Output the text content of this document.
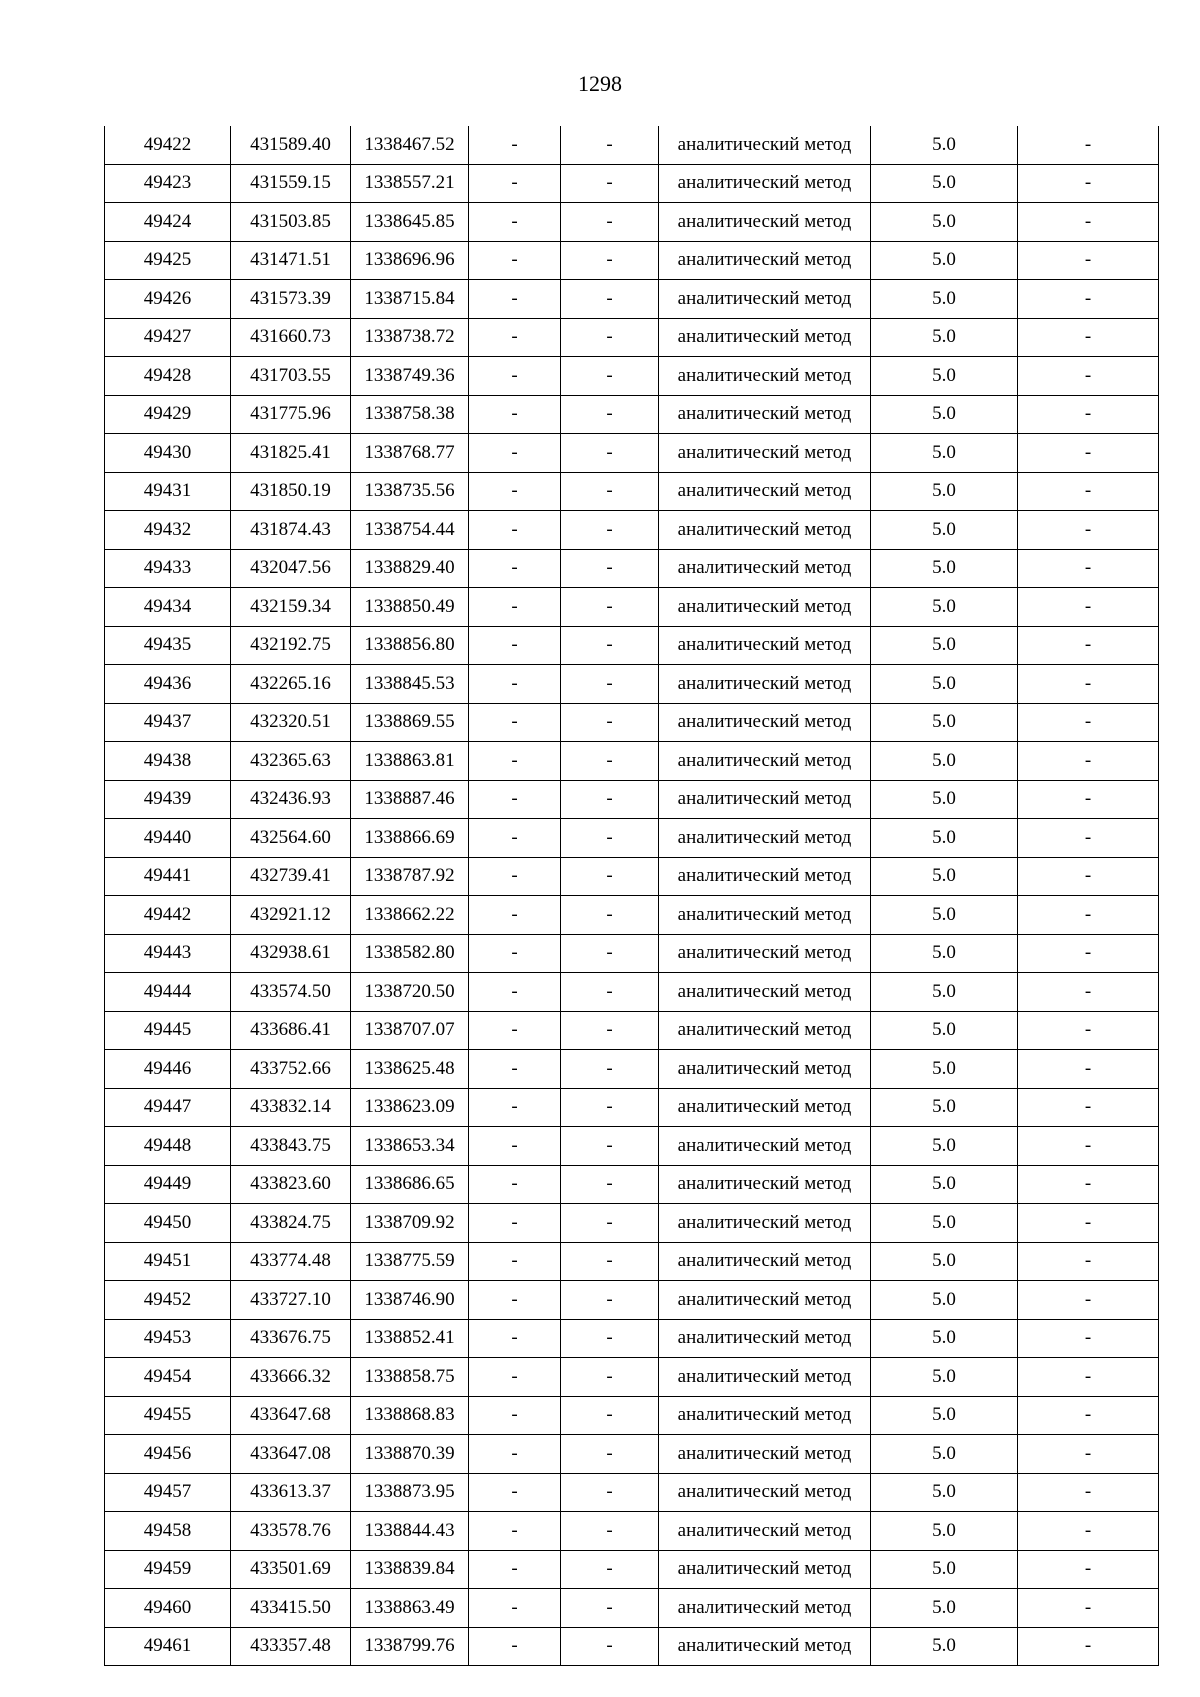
1298
49422	431589.40	1338467.52	-	-	аналитический метод	5.0	-
49423	431559.15	1338557.21	-	-	аналитический метод	5.0	-
49424	431503.85	1338645.85	-	-	аналитический метод	5.0	-
49425	431471.51	1338696.96	-	-	аналитический метод	5.0	-
49426	431573.39	1338715.84	-	-	аналитический метод	5.0	-
49427	431660.73	1338738.72	-	-	аналитический метод	5.0	-
49428	431703.55	1338749.36	-	-	аналитический метод	5.0	-
49429	431775.96	1338758.38	-	-	аналитический метод	5.0	-
49430	431825.41	1338768.77	-	-	аналитический метод	5.0	-
49431	431850.19	1338735.56	-	-	аналитический метод	5.0	-
49432	431874.43	1338754.44	-	-	аналитический метод	5.0	-
49433	432047.56	1338829.40	-	-	аналитический метод	5.0	-
49434	432159.34	1338850.49	-	-	аналитический метод	5.0	-
49435	432192.75	1338856.80	-	-	аналитический метод	5.0	-
49436	432265.16	1338845.53	-	-	аналитический метод	5.0	-
49437	432320.51	1338869.55	-	-	аналитический метод	5.0	-
49438	432365.63	1338863.81	-	-	аналитический метод	5.0	-
49439	432436.93	1338887.46	-	-	аналитический метод	5.0	-
49440	432564.60	1338866.69	-	-	аналитический метод	5.0	-
49441	432739.41	1338787.92	-	-	аналитический метод	5.0	-
49442	432921.12	1338662.22	-	-	аналитический метод	5.0	-
49443	432938.61	1338582.80	-	-	аналитический метод	5.0	-
49444	433574.50	1338720.50	-	-	аналитический метод	5.0	-
49445	433686.41	1338707.07	-	-	аналитический метод	5.0	-
49446	433752.66	1338625.48	-	-	аналитический метод	5.0	-
49447	433832.14	1338623.09	-	-	аналитический метод	5.0	-
49448	433843.75	1338653.34	-	-	аналитический метод	5.0	-
49449	433823.60	1338686.65	-	-	аналитический метод	5.0	-
49450	433824.75	1338709.92	-	-	аналитический метод	5.0	-
49451	433774.48	1338775.59	-	-	аналитический метод	5.0	-
49452	433727.10	1338746.90	-	-	аналитический метод	5.0	-
49453	433676.75	1338852.41	-	-	аналитический метод	5.0	-
49454	433666.32	1338858.75	-	-	аналитический метод	5.0	-
49455	433647.68	1338868.83	-	-	аналитический метод	5.0	-
49456	433647.08	1338870.39	-	-	аналитический метод	5.0	-
49457	433613.37	1338873.95	-	-	аналитический метод	5.0	-
49458	433578.76	1338844.43	-	-	аналитический метод	5.0	-
49459	433501.69	1338839.84	-	-	аналитический метод	5.0	-
49460	433415.50	1338863.49	-	-	аналитический метод	5.0	-
49461	433357.48	1338799.76	-	-	аналитический метод	5.0	-
